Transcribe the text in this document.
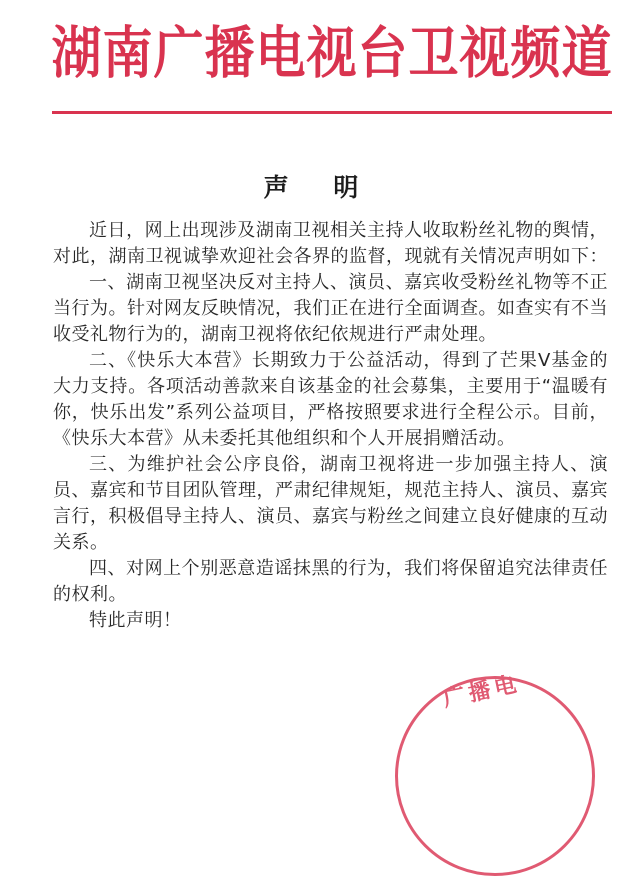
湖南广播电视台卫视频道
声 明

近日，网上出现涉及湖南卫视相关主持人收取粉丝礼物的舆情，对此，湖南卫视诚挚欢迎社会各界的监督，现就有关情况声明如下：

一、湖南卫视坚决反对主持人、演员、嘉宾收受粉丝礼物等不正当行为。针对网友反映情况，我们正在进行全面调查。如查实有不当收受礼物行为的，湖南卫视将依纪依规进行严肃处理。

二、《快乐大本营》长期致力于公益活动，得到了芒果V基金的大力支持。各项活动善款来自该基金的社会募集，主要用于“温暖有你，快乐出发”系列公益项目，严格按照要求进行全程公示。目前，《快乐大本营》从未委托其他组织和个人开展捐赠活动。

三、为维护社会公序良俗，湖南卫视将进一步加强主持人、演员、嘉宾和节目团队管理，严肃纪律规矩，规范主持人、演员、嘉宾言行，积极倡导主持人、演员、嘉宾与粉丝之间建立良好健康的互动关系。

四、对网上个别恶意造谣抹黑的行为，我们将保留追究法律责任的权利。

特此声明！

广播电
